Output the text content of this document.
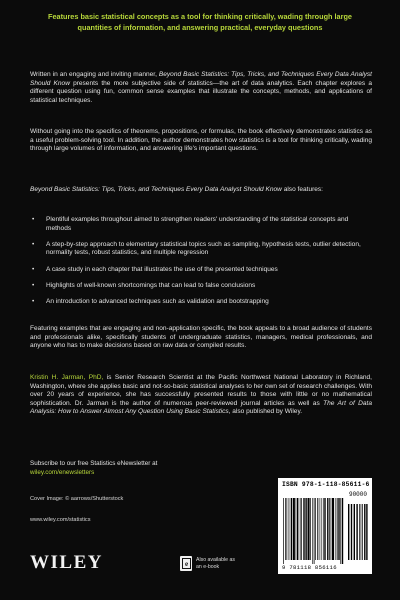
Features basic statistical concepts as a tool for thinking critically, wading through large quantities of information, and answering practical, everyday questions
Written in an engaging and inviting manner, Beyond Basic Statistics: Tips, Tricks, and Techniques Every Data Analyst Should Know presents the more subjective side of statistics—the art of data analytics. Each chapter explores a different question using fun, common sense examples that illustrate the concepts, methods, and applications of statistical techniques.
Without going into the specifics of theorems, propositions, or formulas, the book effectively demonstrates statistics as a useful problem-solving tool. In addition, the author demonstrates how statistics is a tool for thinking critically, wading through large volumes of information, and answering life's important questions.
Beyond Basic Statistics: Tips, Tricks, and Techniques Every Data Analyst Should Know also features:
• Plentiful examples throughout aimed to strengthen readers' understanding of the statistical concepts and methods
• A step-by-step approach to elementary statistical topics such as sampling, hypothesis tests, outlier detection, normality tests, robust statistics, and multiple regression
• A case study in each chapter that illustrates the use of the presented techniques
• Highlights of well-known shortcomings that can lead to false conclusions
• An introduction to advanced techniques such as validation and bootstrapping
Featuring examples that are engaging and non-application specific, the book appeals to a broad audience of students and professionals alike, specifically students of undergraduate statistics, managers, medical professionals, and anyone who has to make decisions based on raw data or compiled results.
Kristin H. Jarman, PhD, is Senior Research Scientist at the Pacific Northwest National Laboratory in Richland, Washington, where she applies basic and not-so-basic statistical analyses to her own set of research challenges. With over 20 years of experience, she has successfully presented results to those with little or no mathematical sophistication. Dr. Jarman is the author of numerous peer-reviewed journal articles as well as The Art of Data Analysis: How to Answer Almost Any Question Using Basic Statistics, also published by Wiley.
Subscribe to our free Statistics eNewsletter at
wiley.com/enewsletters
Cover Image: © aarrows/Shutterstock
www.wiley.com/statistics
WILEY	e Also available as an e-book
ISBN 978-1-118-85611-6
90000
9 781118 856116
